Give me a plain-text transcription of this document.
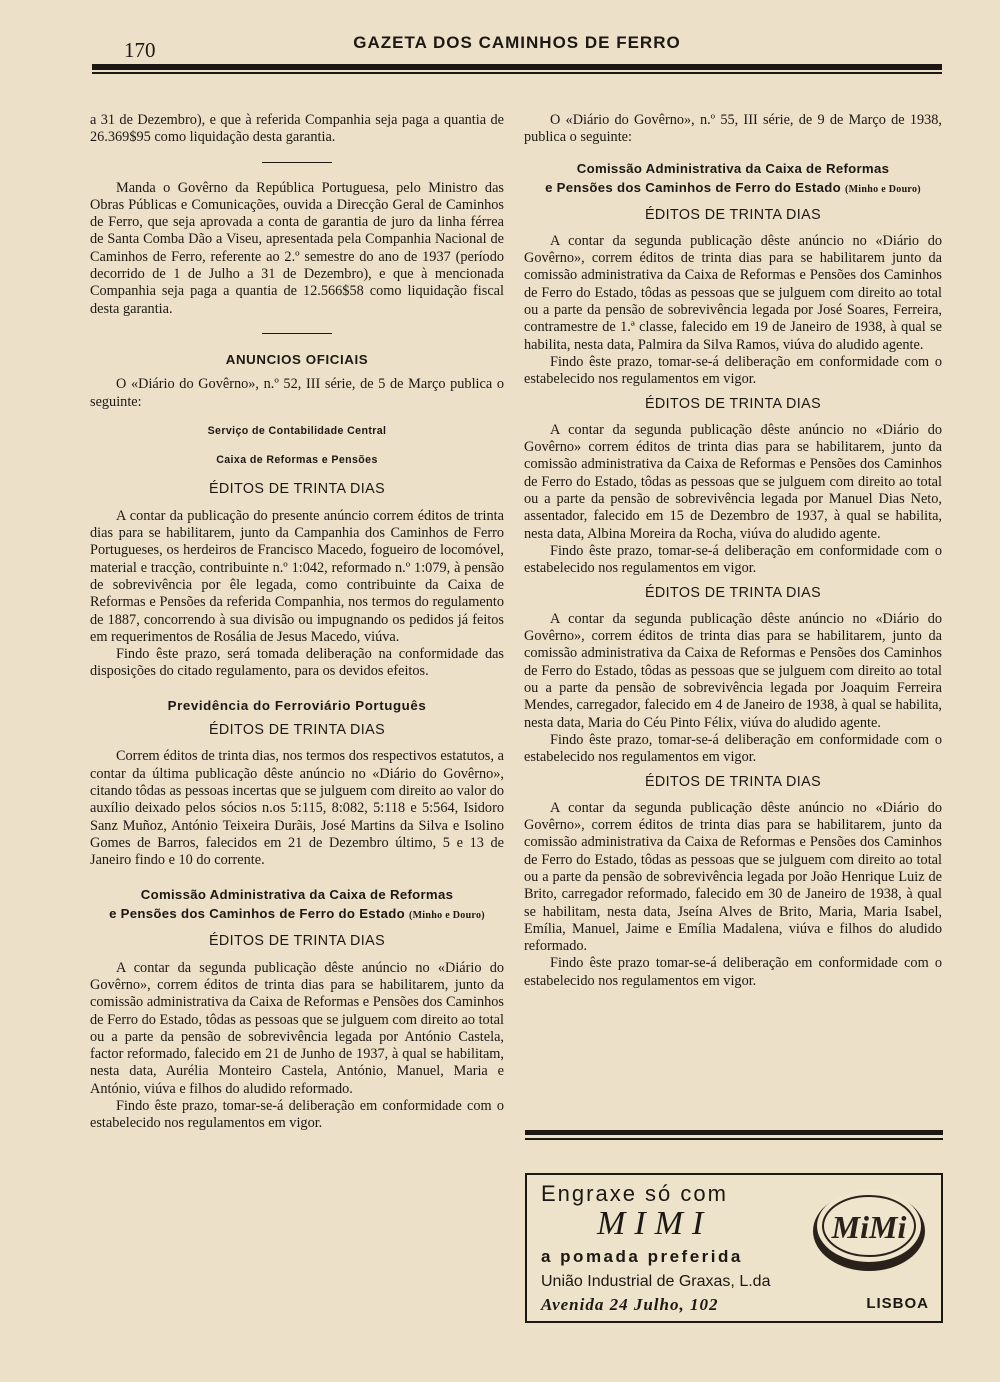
170	GAZETA DOS CAMINHOS DE FERRO

a 31 de Dezembro), e que à referida Companhia seja paga a quantia de 26.369$95 como liquidação desta garantia.

Manda o Govêrno da República Portuguesa, pelo Ministro das Obras Públicas e Comunicações, ouvida a Direcção Geral de Caminhos de Ferro, que seja aprovada a conta de garantia de juro da linha férrea de Santa Comba Dão a Viseu, apresentada pela Companhia Nacional de Caminhos de Ferro, referente ao 2.º semestre do ano de 1937 (período decorrido de 1 de Julho a 31 de Dezembro), e que à mencionada Companhia seja paga a quantia de 12.566$58 como liquidação fiscal desta garantia.

ANUNCIOS OFICIAIS

O «Diário do Govêrno», n.º 52, III série, de 5 de Março publica o seguinte:

Serviço de Contabilidade Central
Caixa de Reformas e Pensões
ÉDITOS DE TRINTA DIAS

A contar da publicação do presente anúncio correm éditos de trinta dias para se habilitarem, junto da Campanhia dos Caminhos de Ferro Portugueses, os herdeiros de Francisco Macedo, fogueiro de locomóvel, material e tracção, contribuinte n.º 1:042, reformado n.º 1:079, à pensão de sobrevivência por êle legada, como contribuinte da Caixa de Reformas e Pensões da referida Companhia, nos termos do regulamento de 1887, concorrendo à sua divisão ou impugnando os pedidos já feitos em requerimentos de Rosália de Jesus Macedo, viúva.

Findo êste prazo, será tomada deliberação na conformidade das disposições do citado regulamento, para os devidos efeitos.

Previdência do Ferroviário Português
ÉDITOS DE TRINTA DIAS

Correm éditos de trinta dias, nos termos dos respectivos estatutos, a contar da última publicação dêste anúncio no «Diário do Govêrno», citando tôdas as pessoas incertas que se julguem com direito ao valor do auxílio deixado pelos sócios n.os 5:115, 8:082, 5:118 e 5:564, Isidoro Sanz Muñoz, António Teixeira Durãis, José Martins da Silva e Isolino Gomes de Barros, falecidos em 21 de Dezembro último, 5 e 13 de Janeiro findo e 10 do corrente.

Comissão Administrativa da Caixa de Reformas
e Pensões dos Caminhos de Ferro do Estado (Minho e Douro)
ÉDITOS DE TRINTA DIAS

A contar da segunda publicação dêste anúncio no «Diário do Govêrno», correm éditos de trinta dias para se habilitarem, junto da comissão administrativa da Caixa de Reformas e Pensões dos Caminhos de Ferro do Estado, tôdas as pessoas que se julguem com direito ao total ou a parte da pensão de sobrevivência legada por António Castela, factor reformado, falecido em 21 de Junho de 1937, à qual se habilitam, nesta data, Aurélia Monteiro Castela, António, Manuel, Maria e António, viúva e filhos do aludido reformado.

Findo êste prazo, tomar-se-á deliberação em conformidade com o estabelecido nos regulamentos em vigor.

O «Diário do Govêrno», n.º 55, III série, de 9 de Março de 1938, publica o seguinte:

Comissão Administrativa da Caixa de Reformas
e Pensões dos Caminhos de Ferro do Estado (Minho e Douro)
ÉDITOS DE TRINTA DIAS

A contar da segunda publicação dêste anúncio no «Diário do Govêrno», correm éditos de trinta dias para se habilitarem junto da comissão administrativa da Caixa de Reformas e Pensões dos Caminhos de Ferro do Estado, tôdas as pessoas que se julguem com direito ao total ou a parte da pensão de sobrevivência legada por José Soares, Ferreira, contramestre de 1.ª classe, falecido em 19 de Janeiro de 1938, à qual se habilita, nesta data, Palmira da Silva Ramos, viúva do aludido agente.

Findo êste prazo, tomar-se-á deliberação em conformidade com o estabelecido nos regulamentos em vigor.

ÉDITOS DE TRINTA DIAS

A contar da segunda publicação dêste anúncio no «Diário do Govêrno» correm éditos de trinta dias para se habilitarem, junto da comissão administrativa da Caixa de Reformas e Pensões dos Caminhos de Ferro do Estado, tôdas as pessoas que se julguem com direito ao total ou a parte da pensão de sobrevivência legada por Manuel Dias Neto, assentador, falecido em 15 de Dezembro de 1937, à qual se habilita, nesta data, Albina Moreira da Rocha, viúva do aludido agente.

Findo êste prazo, tomar-se-á deliberação em conformidade com o estabelecido nos regulamentos em vigor.

ÉDITOS DE TRINTA DIAS

A contar da segunda publicação dêste anúncio no «Diário do Govêrno», correm éditos de trinta dias para se habilitarem, junto da comissão administrativa da Caixa de Reformas e Pensões dos Caminhos de Ferro do Estado, tôdas as pessoas que se julguem com direito ao total ou a parte da pensão de sobrevivência legada por Joaquim Ferreira Mendes, carregador, falecido em 4 de Janeiro de 1938, à qual se habilita, nesta data, Maria do Céu Pinto Félix, viúva do aludido agente.

Findo êste prazo, tomar-se-á deliberação em conformidade com o estabelecido nos regulamentos em vigor.

ÉDITOS DE TRINTA DIAS

A contar da segunda publicação dêste anúncio no «Diário do Govêrno», correm éditos de trinta dias para se habilitarem, junto da comissão administrativa da Caixa de Reformas e Pensões dos Caminhos de Ferro do Estado, tôdas as pessoas que se julguem com direito ao total ou a parte da pensão de sobrevivência legada por João Henrique Luiz de Brito, carregador reformado, falecido em 30 de Janeiro de 1938, à qual se habilitam, nesta data, Jseína Alves de Brito, Maria, Maria Isabel, Emília, Manuel, Jaime e Emília Madalena, viúva e filhos do aludido reformado.

Findo êste prazo tomar-se-á deliberação em conformidade com o estabelecido nos regulamentos em vigor.

Engraxe só com
MIMI
a pomada preferida
União Industrial de Graxas, L.da
Avenida 24 Julho, 102	LISBOA
MiMi
